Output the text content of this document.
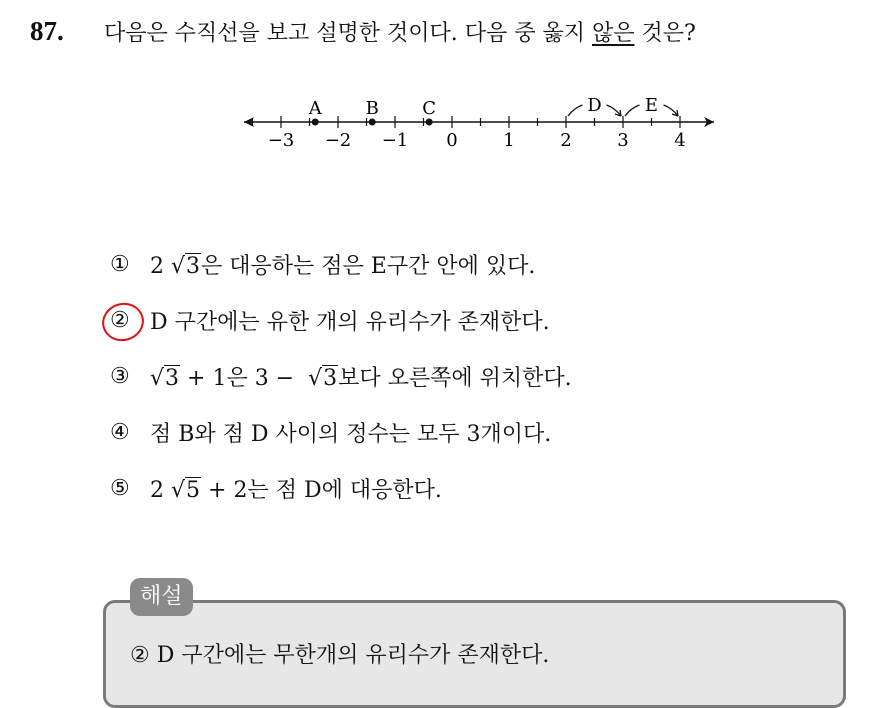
87.	다음은 수직선을 보고 설명한 것이다. 다음 중 옳지 않은 것은?
−3 −2 −1 0	1	2	3	4
A B C	D E
① 2 √3은 대응하는 점은 E구간 안에 있다.
② D 구간에는 유한 개의 유리수가 존재한다.
③ √3 + 1은 3 −  √3보다 오른쪽에 위치한다.
④ 점 B와 점 D 사이의 정수는 모두 3개이다.
⑤ 2 √5 + 2는 점 D에 대응한다.
해설
② D 구간에는 무한개의 유리수가 존재한다.
